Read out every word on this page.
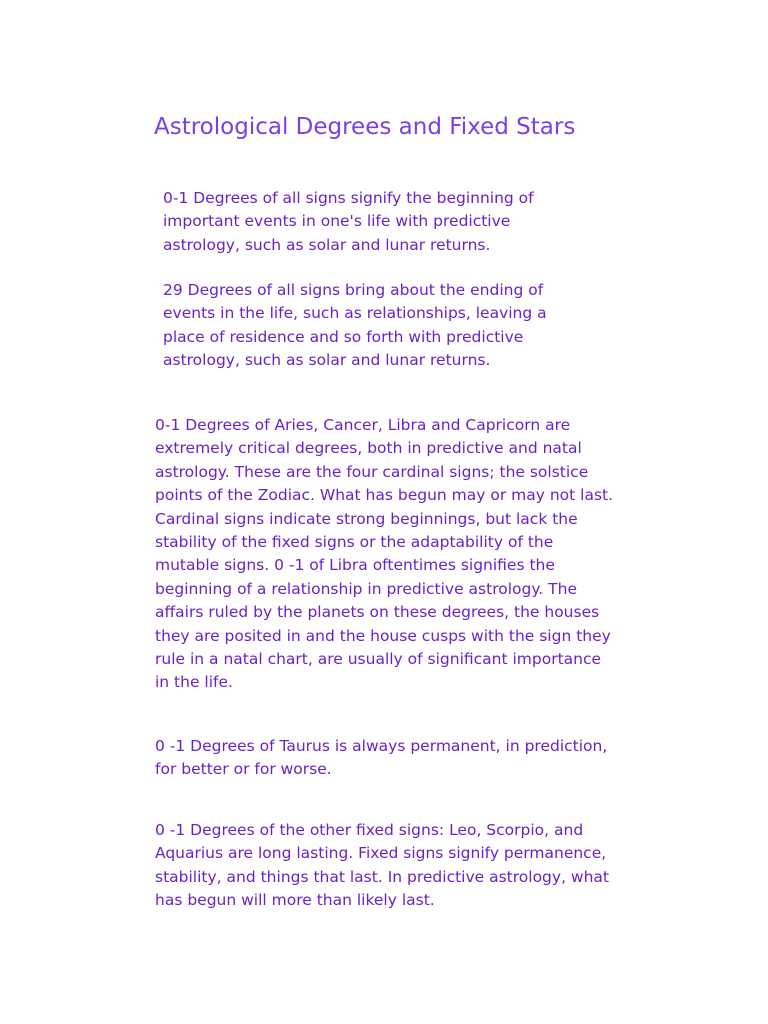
Astrological Degrees and Fixed Stars

0-1 Degrees of all signs signify the beginning of important events in one's life with predictive astrology, such as solar and lunar returns.

29 Degrees of all signs bring about the ending of events in the life, such as relationships, leaving a place of residence and so forth with predictive astrology, such as solar and lunar returns.

0-1 Degrees of Aries, Cancer, Libra and Capricorn are extremely critical degrees, both in predictive and natal astrology. These are the four cardinal signs; the solstice points of the Zodiac. What has begun may or may not last. Cardinal signs indicate strong beginnings, but lack the stability of the fixed signs or the adaptability of the mutable signs. 0 -1 of Libra oftentimes signifies the beginning of a relationship in predictive astrology. The affairs ruled by the planets on these degrees, the houses they are posited in and the house cusps with the sign they rule in a natal chart, are usually of significant importance in the life.

0 -1 Degrees of Taurus is always permanent, in prediction, for better or for worse.

0 -1 Degrees of the other fixed signs: Leo, Scorpio, and Aquarius are long lasting. Fixed signs signify permanence, stability, and things that last. In predictive astrology, what has begun will more than likely last.
